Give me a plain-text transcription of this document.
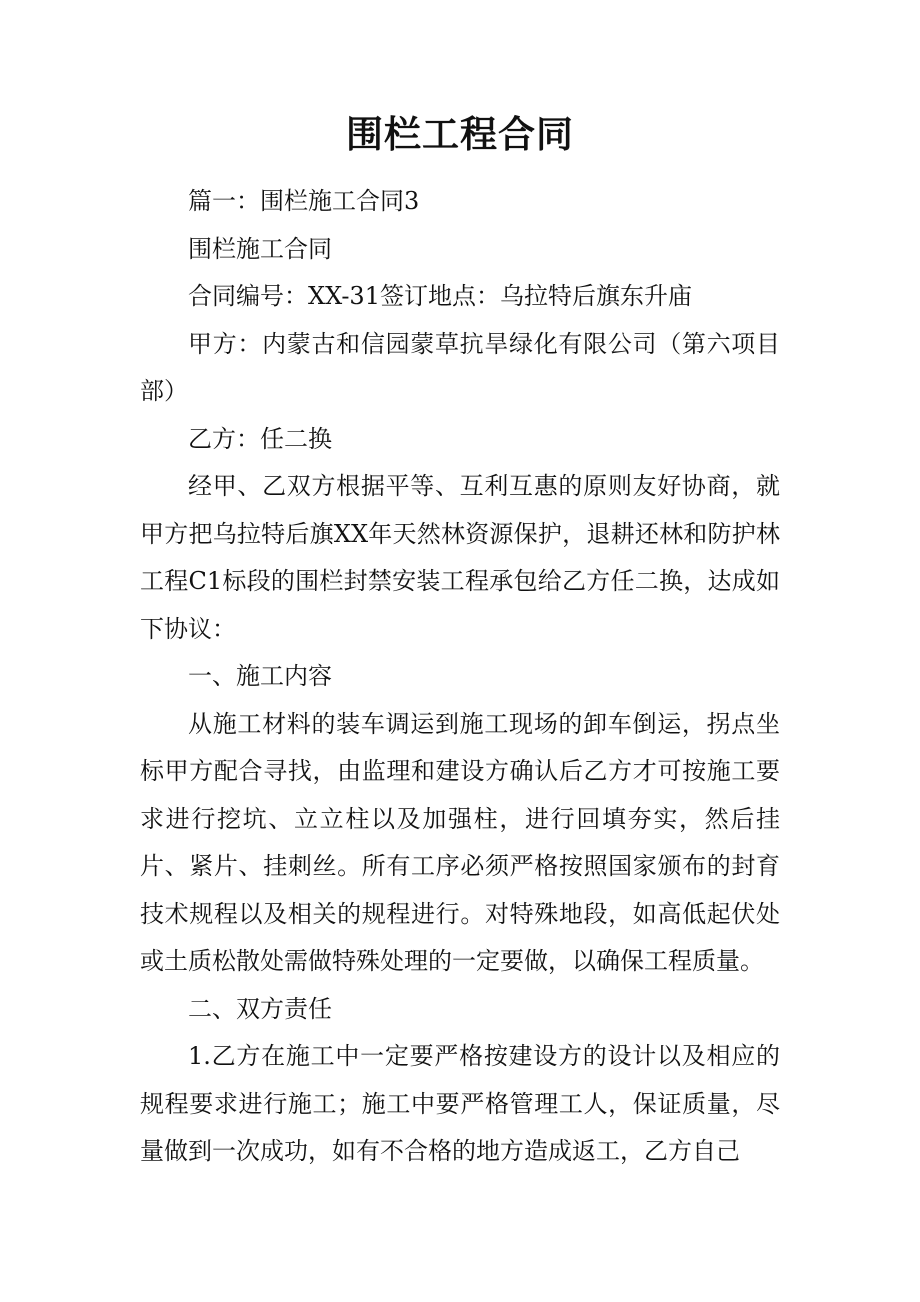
围栏工程合同

篇一：围栏施工合同3

围栏施工合同

合同编号：XX-31签订地点：乌拉特后旗东升庙

甲方：内蒙古和信园蒙草抗旱绿化有限公司（第六项目部）

乙方：任二换

经甲、乙双方根据平等、互利互惠的原则友好协商，就甲方把乌拉特后旗XX年天然林资源保护，退耕还林和防护林工程C1标段的围栏封禁安装工程承包给乙方任二换，达成如下协议：

一、施工内容

从施工材料的装车调运到施工现场的卸车倒运，拐点坐标甲方配合寻找，由监理和建设方确认后乙方才可按施工要求进行挖坑、立立柱以及加强柱，进行回填夯实，然后挂片、紧片、挂刺丝。所有工序必须严格按照国家颁布的封育技术规程以及相关的规程进行。对特殊地段，如高低起伏处或土质松散处需做特殊处理的一定要做，以确保工程质量。

二、双方责任

1.乙方在施工中一定要严格按建设方的设计以及相应的规程要求进行施工；施工中要严格管理工人，保证质量，尽量做到一次成功，如有不合格的地方造成返工，乙方自己
